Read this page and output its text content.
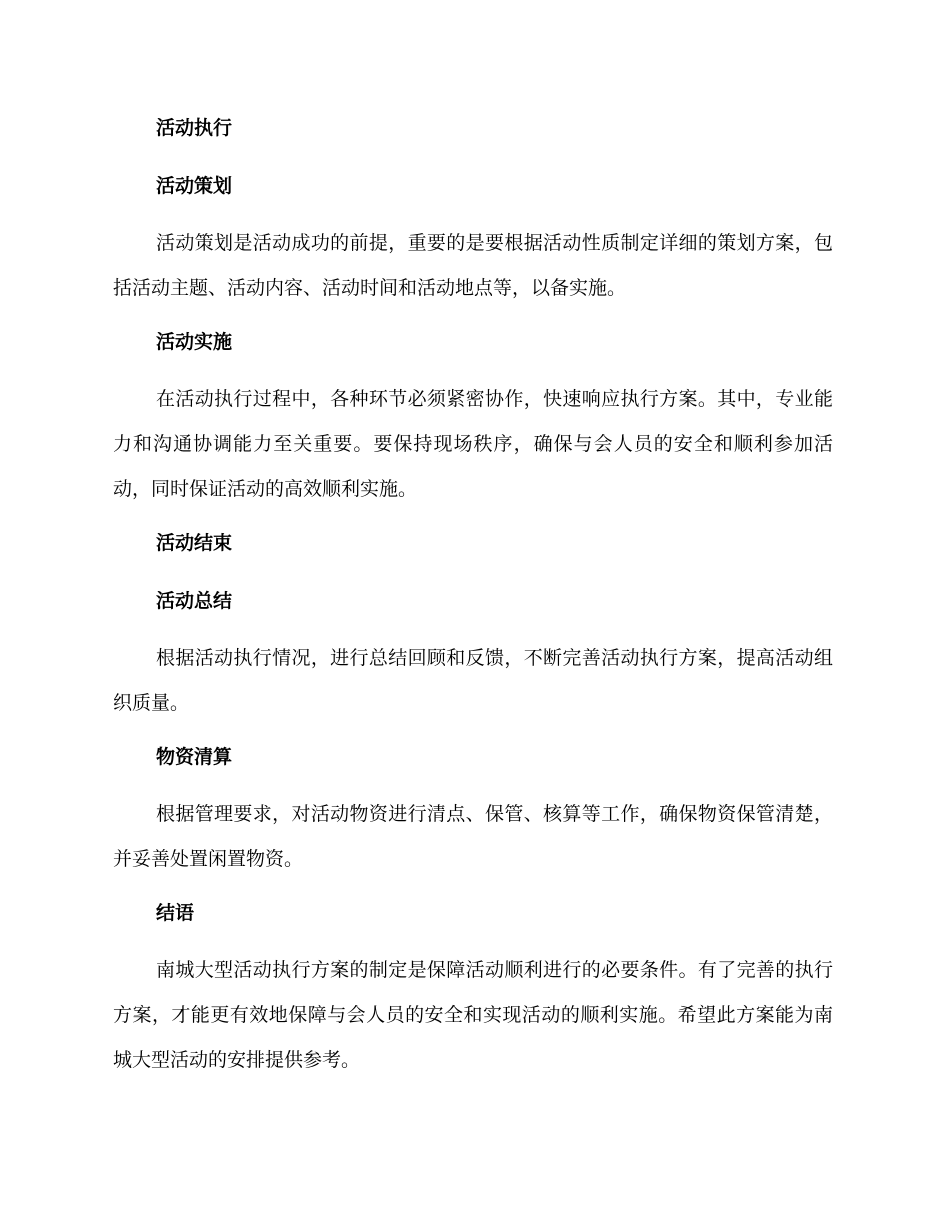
活动执行
活动策划

活动策划是活动成功的前提，重要的是要根据活动性质制定详细的策划方案，包括活动主题、活动内容、活动时间和活动地点等，以备实施。

活动实施

在活动执行过程中，各种环节必须紧密协作，快速响应执行方案。其中，专业能力和沟通协调能力至关重要。要保持现场秩序，确保与会人员的安全和顺利参加活动，同时保证活动的高效顺利实施。

活动结束
活动总结

根据活动执行情况，进行总结回顾和反馈，不断完善活动执行方案，提高活动组织质量。

物资清算

根据管理要求，对活动物资进行清点、保管、核算等工作，确保物资保管清楚，并妥善处置闲置物资。

结语

南城大型活动执行方案的制定是保障活动顺利进行的必要条件。有了完善的执行方案，才能更有效地保障与会人员的安全和实现活动的顺利实施。希望此方案能为南城大型活动的安排提供参考。
